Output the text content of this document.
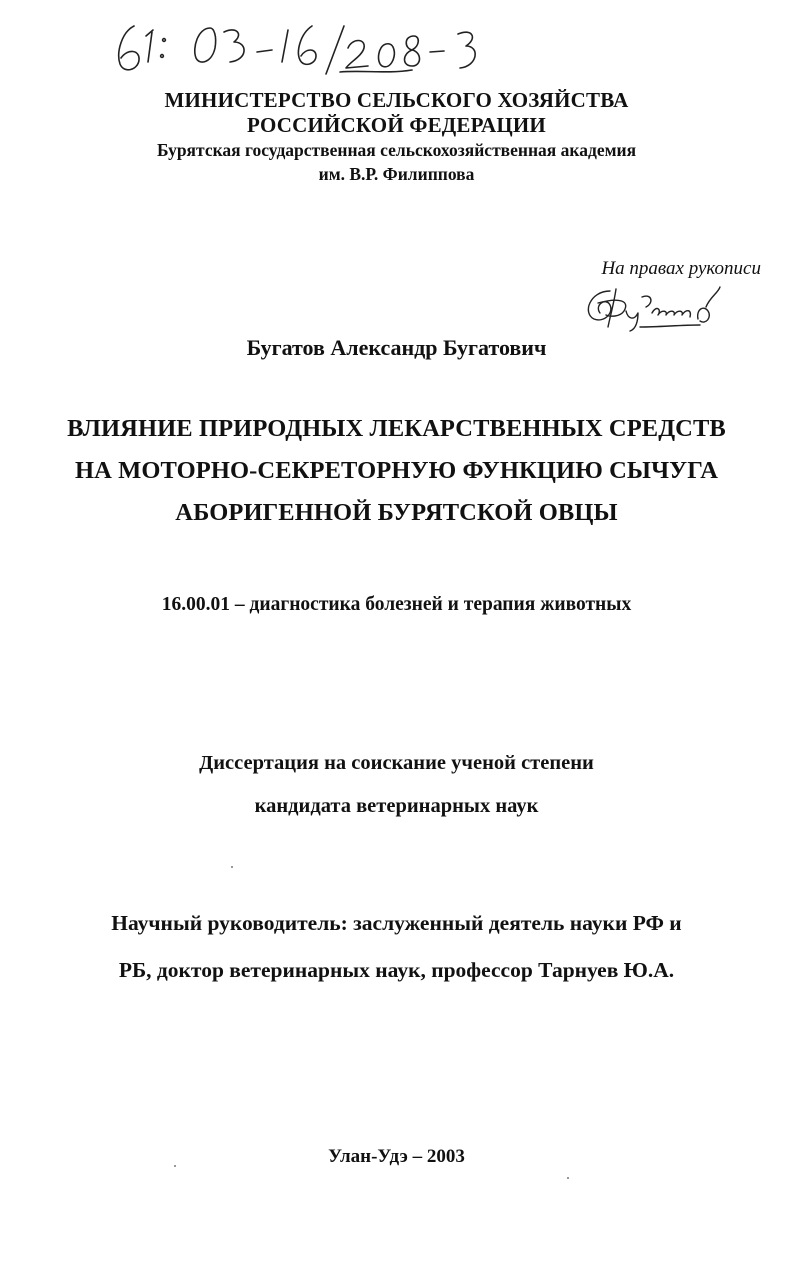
МИНИСТЕРСТВО СЕЛЬСКОГО ХОЗЯЙСТВА
РОССИЙСКОЙ ФЕДЕРАЦИИ
Бурятская государственная сельскохозяйственная академия
им. В.Р. Филиппова
На правах рукописи
Бугатов Александр Бугатович
ВЛИЯНИЕ ПРИРОДНЫХ ЛЕКАРСТВЕННЫХ СРЕДСТВ
НА МОТОРНО-СЕКРЕТОРНУЮ ФУНКЦИЮ СЫЧУГА
АБОРИГЕННОЙ БУРЯТСКОЙ ОВЦЫ
16.00.01 – диагностика болезней и терапия животных
Диссертация на соискание ученой степени
кандидата ветеринарных наук
Научный руководитель: заслуженный деятель науки РФ и
РБ, доктор ветеринарных наук, профессор Тарнуев Ю.А.
Улан-Удэ – 2003
